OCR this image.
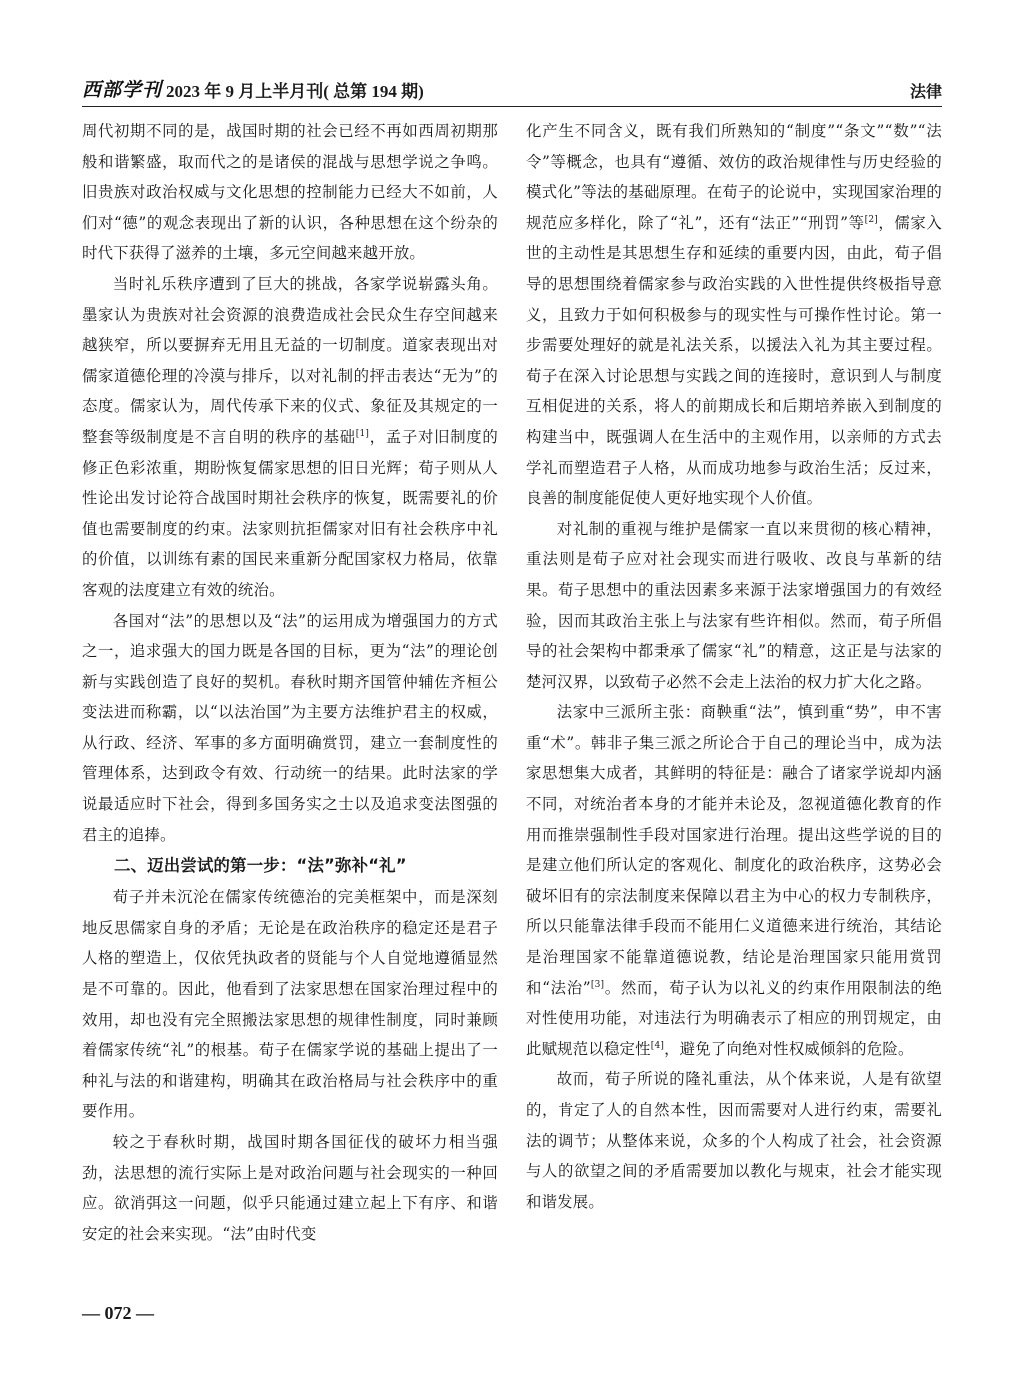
西部学刊 2023 年 9 月上半月刊( 总第 194 期)	法律

周代初期不同的是，战国时期的社会已经不再如西周初期那般和谐繁盛，取而代之的是诸侯的混战与思想学说之争鸣。旧贵族对政治权威与文化思想的控制能力已经大不如前，人们对“德”的观念表现出了新的认识，各种思想在这个纷杂的时代下获得了滋养的土壤，多元空间越来越开放。

当时礼乐秩序遭到了巨大的挑战，各家学说崭露头角。墨家认为贵族对社会资源的浪费造成社会民众生存空间越来越狭窄，所以要摒弃无用且无益的一切制度。道家表现出对儒家道德伦理的冷漠与排斥，以对礼制的抨击表达“无为”的态度。儒家认为，周代传承下来的仪式、象征及其规定的一整套等级制度是不言自明的秩序的基础[1]，孟子对旧制度的修正色彩浓重，期盼恢复儒家思想的旧日光辉；荀子则从人性论出发讨论符合战国时期社会秩序的恢复，既需要礼的价值也需要制度的约束。法家则抗拒儒家对旧有社会秩序中礼的价值，以训练有素的国民来重新分配国家权力格局，依靠客观的法度建立有效的统治。

各国对“法”的思想以及“法”的运用成为增强国力的方式之一，追求强大的国力既是各国的目标，更为“法”的理论创新与实践创造了良好的契机。春秋时期齐国管仲辅佐齐桓公变法进而称霸，以“以法治国”为主要方法维护君主的权威，从行政、经济、军事的多方面明确赏罚，建立一套制度性的管理体系，达到政令有效、行动统一的结果。此时法家的学说最适应时下社会，得到多国务实之士以及追求变法图强的君主的追捧。

二、迈出尝试的第一步：“法”弥补“礼”

荀子并未沉沦在儒家传统德治的完美框架中，而是深刻地反思儒家自身的矛盾；无论是在政治秩序的稳定还是君子人格的塑造上，仅依凭执政者的贤能与个人自觉地遵循显然是不可靠的。因此，他看到了法家思想在国家治理过程中的效用，却也没有完全照搬法家思想的规律性制度，同时兼顾着儒家传统“礼”的根基。荀子在儒家学说的基础上提出了一种礼与法的和谐建构，明确其在政治格局与社会秩序中的重要作用。

较之于春秋时期，战国时期各国征伐的破坏力相当强劲，法思想的流行实际上是对政治问题与社会现实的一种回应。欲消弭这一问题，似乎只能通过建立起上下有序、和谐安定的社会来实现。“法”由时代变

化产生不同含义，既有我们所熟知的“制度”“条文”“数”“法令”等概念，也具有“遵循、效仿的政治规律性与历史经验的模式化”等法的基础原理。在荀子的论说中，实现国家治理的规范应多样化，除了“礼”，还有“法正”“刑罚”等[2]，儒家入世的主动性是其思想生存和延续的重要内因，由此，荀子倡导的思想围绕着儒家参与政治实践的入世性提供终极指导意义，且致力于如何积极参与的现实性与可操作性讨论。第一步需要处理好的就是礼法关系，以援法入礼为其主要过程。荀子在深入讨论思想与实践之间的连接时，意识到人与制度互相促进的关系，将人的前期成长和后期培养嵌入到制度的构建当中，既强调人在生活中的主观作用，以亲师的方式去学礼而塑造君子人格，从而成功地参与政治生活；反过来，良善的制度能促使人更好地实现个人价值。

对礼制的重视与维护是儒家一直以来贯彻的核心精神，重法则是荀子应对社会现实而进行吸收、改良与革新的结果。荀子思想中的重法因素多来源于法家增强国力的有效经验，因而其政治主张上与法家有些许相似。然而，荀子所倡导的社会架构中都秉承了儒家“礼”的精意，这正是与法家的楚河汉界，以致荀子必然不会走上法治的权力扩大化之路。

法家中三派所主张：商鞅重“法”，慎到重“势”，申不害重“术”。韩非子集三派之所论合于自己的理论当中，成为法家思想集大成者，其鲜明的特征是：融合了诸家学说却内涵不同，对统治者本身的才能并未论及，忽视道德化教育的作用而推崇强制性手段对国家进行治理。提出这些学说的目的是建立他们所认定的客观化、制度化的政治秩序，这势必会破坏旧有的宗法制度来保障以君主为中心的权力专制秩序，所以只能靠法律手段而不能用仁义道德来进行统治，其结论是治理国家不能靠道德说教，结论是治理国家只能用赏罚和“法治”[3]。然而，荀子认为以礼义的约束作用限制法的绝对性使用功能，对违法行为明确表示了相应的刑罚规定，由此赋规范以稳定性[4]，避免了向绝对性权威倾斜的危险。

故而，荀子所说的隆礼重法，从个体来说，人是有欲望的，肯定了人的自然本性，因而需要对人进行约束，需要礼法的调节；从整体来说，众多的个人构成了社会，社会资源与人的欲望之间的矛盾需要加以教化与规束，社会才能实现和谐发展。

— 072 —
